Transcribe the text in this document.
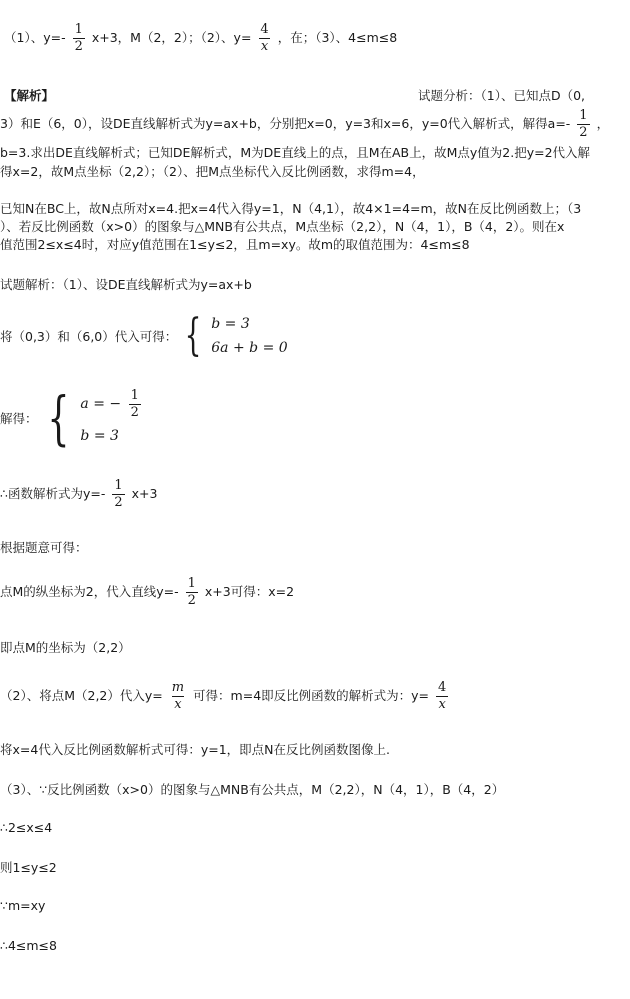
（1）、$y=- \frac{1}{2} x+3$，M（2，2）；（2）、$y= \frac{4}{x}$ ，在；（3）、4≤m≤8
【解析】	试题分析：（1）、已知点D（0,
3）和E（6，0），设DE直线解析式为y=ax+b，分别把x=0，y=3和x=6，y=0代入解析式，解得$a=- \frac{1}{2}$ ，
b=3.求出DE直线解析式；已知DE解析式，M为DE直线上的点，且M在AB上，故M点y值为2.把y=2代入解
得x=2，故M点坐标（2,2）；（2）、把M点坐标代入反比例函数，求得m=4，
已知N在BC上，故N点所对x=4.把x=4代入得y=1，N（4,1），故4×1=4=m，故N在反比例函数上；（3
）、若反比例函数（x>0）的图象与△MNB有公共点，M点坐标（2,2），N（4，1），B（4，2）。则在x
值范围2≤x≤4时，对应y值范围在1≤y≤2，且m=xy。故m的取值范围为：4≤m≤8
试题解析：（1）、设DE直线解析式为y=ax+b
将（0,3）和（6,0）代入可得： { b = 3
6a + b = 0
解得： { a = − $\frac{1}{2}$
b = 3
∴函数解析式为$y=- \frac{1}{2} x+3$
根据题意可得：
点M的纵坐标为2，代入直线$y=- \frac{1}{2} x+3$可得：x=2
即点M的坐标为（2,2）
（2）、将点M（2,2）代入$y= \frac{m}{x}$ 可得：m=4即反比例函数的解析式为：$y= \frac{4}{x}$
将x=4代入反比例函数解析式可得：y=1，即点N在反比例函数图像上.
（3）、∵反比例函数（x>0）的图象与△MNB有公共点，M（2,2），N（4，1），B（4，2）
∴2≤x≤4
则1≤y≤2
∵m=xy
∴4≤m≤8
